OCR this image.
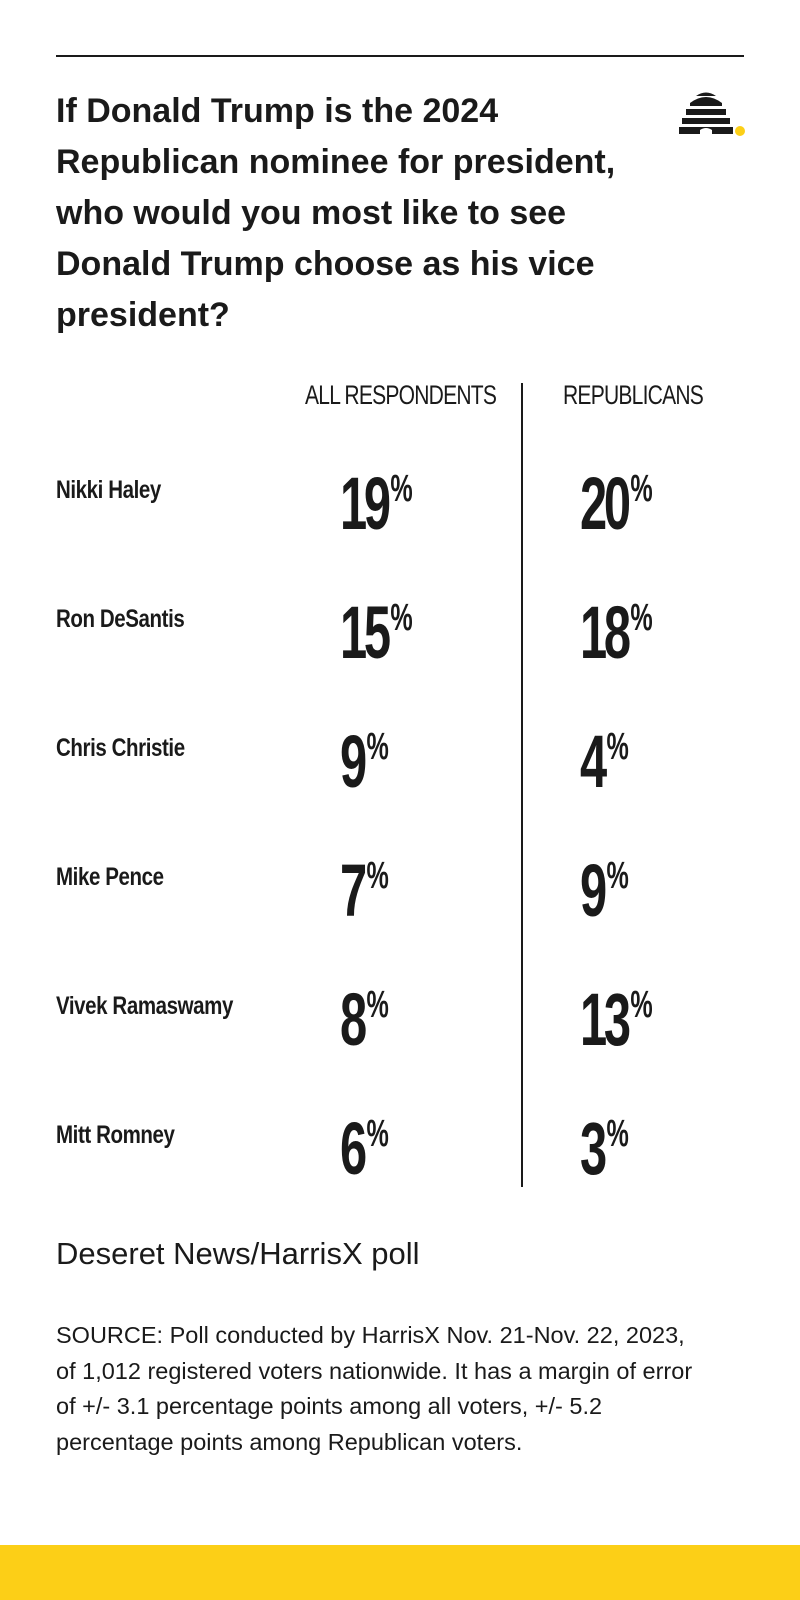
If Donald Trump is the 2024 Republican nominee for president, who would you most like to see Donald Trump choose as his vice president?
ALL RESPONDENTS REPUBLICANS
Nikki Haley 19% 20%
Ron DeSantis 15% 18%
Chris Christie 9%	4%
Mike Pence 7%	9%
Vivek Ramaswamy 8%	13%
Mitt Romney 6%	3%
Deseret News/HarrisX poll

SOURCE: Poll conducted by HarrisX Nov. 21-Nov. 22, 2023, of 1,012 registered voters nationwide. It has a margin of error of +/- 3.1 percentage points among all voters, +/- 5.2 percentage points among Republican voters.
